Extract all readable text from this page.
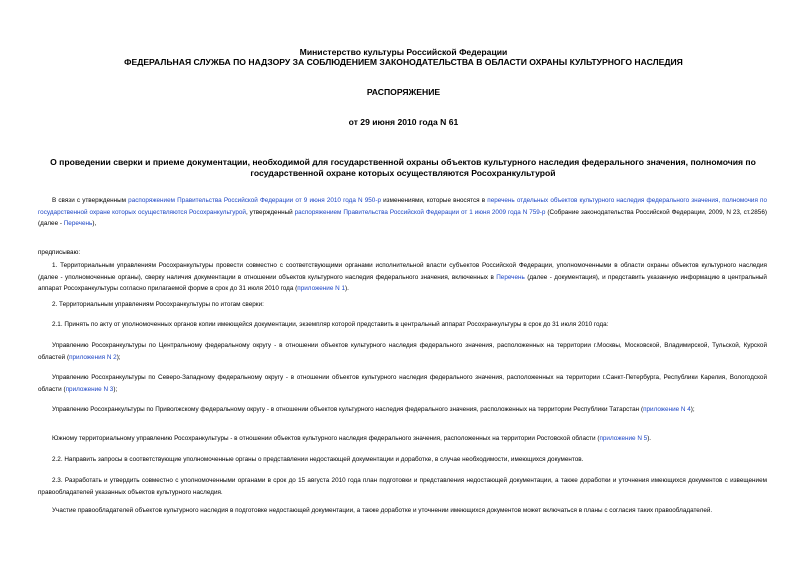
Министерство культуры Российской Федерации
ФЕДЕРАЛЬНАЯ СЛУЖБА ПО НАДЗОРУ ЗА СОБЛЮДЕНИЕМ ЗАКОНОДАТЕЛЬСТВА В ОБЛАСТИ ОХРАНЫ КУЛЬТУРНОГО НАСЛЕДИЯ
РАСПОРЯЖЕНИЕ
от 29 июня 2010 года N 61
О проведении сверки и приеме документации, необходимой для государственной охраны объектов культурного наследия федерального значения, полномочия по государственной охране которых осуществляются Росохранкультурой
В связи с утвержденным распоряжением Правительства Российской Федерации от 9 июня 2010 года N 950-р изменениями, которые вносятся в перечень отдельных объектов культурного наследия федерального значения, полномочия по государственной охране которых осуществляются Росохранкультурой, утвержденный распоряжением Правительства Российской Федерации от 1 июня 2009 года N 759-р (Собрание законодательства Российской Федерации, 2009, N 23, ст.2856) (далее - Перечень),
предписываю:
1. Территориальным управлениям Росохранкультуры провести совместно с соответствующими органами исполнительной власти субъектов Российской Федерации, уполномоченными в области охраны объектов культурного наследия (далее - уполномоченные органы), сверку наличия документации в отношении объектов культурного наследия федерального значения, включенных в Перечень (далее - документация), и представить указанную информацию в центральный аппарат Росохранкультуры согласно прилагаемой форме в срок до 31 июля 2010 года (приложение N 1).
2. Территориальным управлениям Росохранкультуры по итогам сверки:
2.1. Принять по акту от уполномоченных органов копии имеющейся документации, экземпляр которой представить в центральный аппарат Росохранкультуры в срок до 31 июля 2010 года:
Управлению Росохранкультуры по Центральному федеральному округу - в отношении объектов культурного наследия федерального значения, расположенных на территории г.Москвы, Московской, Владимирской, Тульской, Курской областей (приложения N 2);
Управлению Росохранкультуры по Северо-Западному федеральному округу - в отношении объектов культурного наследия федерального значения, расположенных на территории г.Санкт-Петербурга, Республики Карелия, Вологодской области (приложение N 3);
Управлению Росохранкультуры по Приволжскому федеральному округу - в отношении объектов культурного наследия федерального значения, расположенных на территории Республики Татарстан (приложение N 4);
Южному территориальному управлению Росохранкультуры - в отношении объектов культурного наследия федерального значения, расположенных на территории Ростовской области (приложение N 5).
2.2. Направить запросы в соответствующие уполномоченные органы о представлении недостающей документации и доработке, в случае необходимости, имеющихся документов.
2.3. Разработать и утвердить совместно с уполномоченными органами в срок до 15 августа 2010 года план подготовки и представления недостающей документации, а также доработки и уточнения имеющихся документов с извещением правообладателей указанных объектов культурного наследия.
Участие правообладателей объектов культурного наследия в подготовке недостающей документации, а также доработке и уточнении имеющихся документов может включаться в планы с согласия таких правообладателей.
